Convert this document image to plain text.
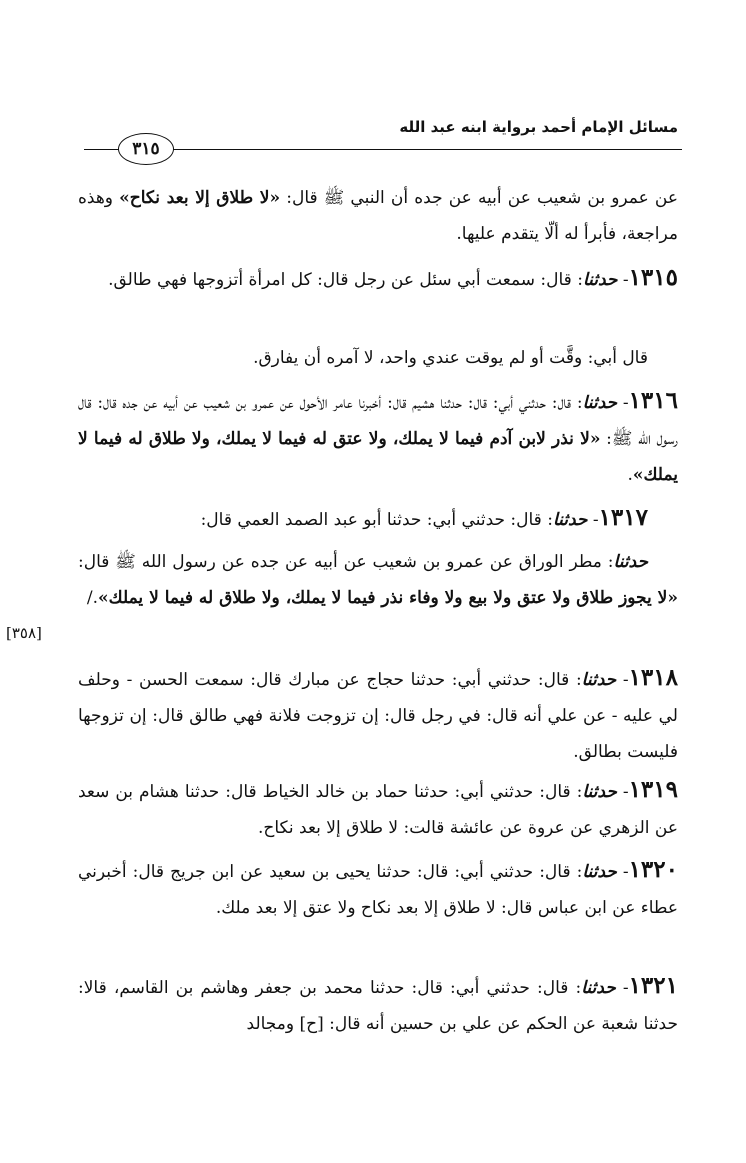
مسائل الإمام أحمد برواية ابنه عبد الله
٣١٥
[٣٥٨]

عن عمرو بن شعيب عن أبيه عن جده أن النبي ﷺ قال: «لا طلاق إلا بعد نكاح» وهذه مراجعة، فأبرأ له ألّا يتقدم عليها.

١٣١٥- حدثنا: قال: سمعت أبي سئل عن رجل قال: كل امرأة أتزوجها فهي طالق.

قال أبي: وقَّت أو لم يوقت عندي واحد، لا آمره أن يفارق.

١٣١٦- حدثنا: قال: حدثني أبي: قال: حدثنا هشيم قال: أخبرنا عامر الأحول عن عمرو بن شعيب عن أبيه عن جده قال: قال رسول الله ﷺ: «لا نذر لابن آدم فيما لا يملك، ولا عتق له فيما لا يملك، ولا طلاق له فيما لا يملك».

١٣١٧- حدثنا: قال: حدثني أبي: حدثنا أبو عبد الصمد العمي قال:

حدثنا: مطر الوراق عن عمرو بن شعيب عن أبيه عن جده عن رسول الله ﷺ قال: «لا يجوز طلاق ولا عتق ولا بيع ولا وفاء نذر فيما لا يملك، ولا طلاق له فيما لا يملك»./

١٣١٨- حدثنا: قال: حدثني أبي: حدثنا حجاج عن مبارك قال: سمعت الحسن - وحلف لي عليه - عن علي أنه قال: في رجل قال: إن تزوجت فلانة فهي طالق قال: إن تزوجها فليست بطالق.

١٣١٩- حدثنا: قال: حدثني أبي: حدثنا حماد بن خالد الخياط قال: حدثنا هشام بن سعد عن الزهري عن عروة عن عائشة قالت: لا طلاق إلا بعد نكاح.

١٣٢٠- حدثنا: قال: حدثني أبي: قال: حدثنا يحيى بن سعيد عن ابن جريج قال: أخبرني عطاء عن ابن عباس قال: لا طلاق إلا بعد نكاح ولا عتق إلا بعد ملك.

١٣٢١- حدثنا: قال: حدثني أبي: قال: حدثنا محمد بن جعفر وهاشم بن القاسم، قالا: حدثنا شعبة عن الحكم عن علي بن حسين أنه قال: [ح] ومجالد
